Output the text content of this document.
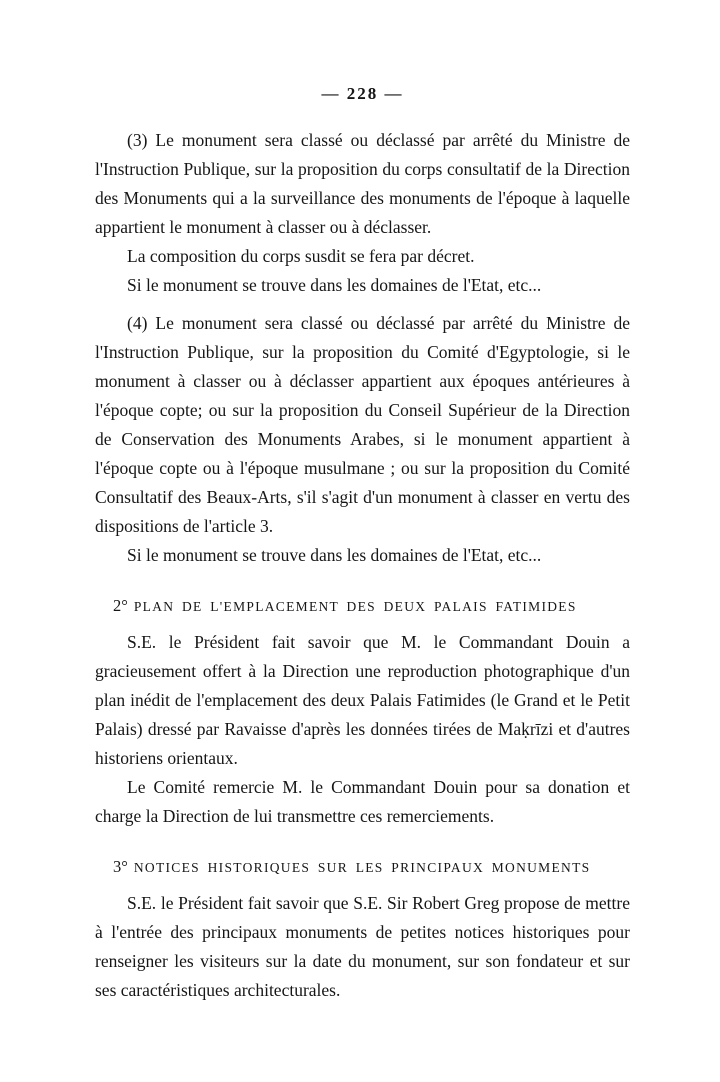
— 228 —

(3) Le monument sera classé ou déclassé par arrêté du Ministre de l'Instruction Publique, sur la proposition du corps consultatif de la Direction des Monuments qui a la surveillance des monuments de l'époque à laquelle appartient le monument à classer ou à déclasser.

La composition du corps susdit se fera par décret.

Si le monument se trouve dans les domaines de l'Etat, etc...

(4) Le monument sera classé ou déclassé par arrêté du Ministre de l'Instruction Publique, sur la proposition du Comité d'Egyptologie, si le monument à classer ou à déclasser appartient aux époques antérieures à l'époque copte; ou sur la proposition du Conseil Supérieur de la Direction de Conservation des Monuments Arabes, si le monument appartient à l'époque copte ou à l'époque musulmane ; ou sur la proposition du Comité Consultatif des Beaux-Arts, s'il s'agit d'un monument à classer en vertu des dispositions de l'article 3.

Si le monument se trouve dans les domaines de l'Etat, etc...

2° PLAN DE L'EMPLACEMENT DES DEUX PALAIS FATIMIDES

S.E. le Président fait savoir que M. le Commandant Douin a gracieusement offert à la Direction une reproduction photographique d'un plan inédit de l'emplacement des deux Palais Fatimides (le Grand et le Petit Palais) dressé par Ravaisse d'après les données tirées de Maḳrīzi et d'autres historiens orientaux.

Le Comité remercie M. le Commandant Douin pour sa donation et charge la Direction de lui transmettre ces remerciements.

3° NOTICES HISTORIQUES SUR LES PRINCIPAUX MONUMENTS

S.E. le Président fait savoir que S.E. Sir Robert Greg propose de mettre à l'entrée des principaux monuments de petites notices historiques pour renseigner les visiteurs sur la date du monument, sur son fondateur et sur ses caractéristiques architecturales.
